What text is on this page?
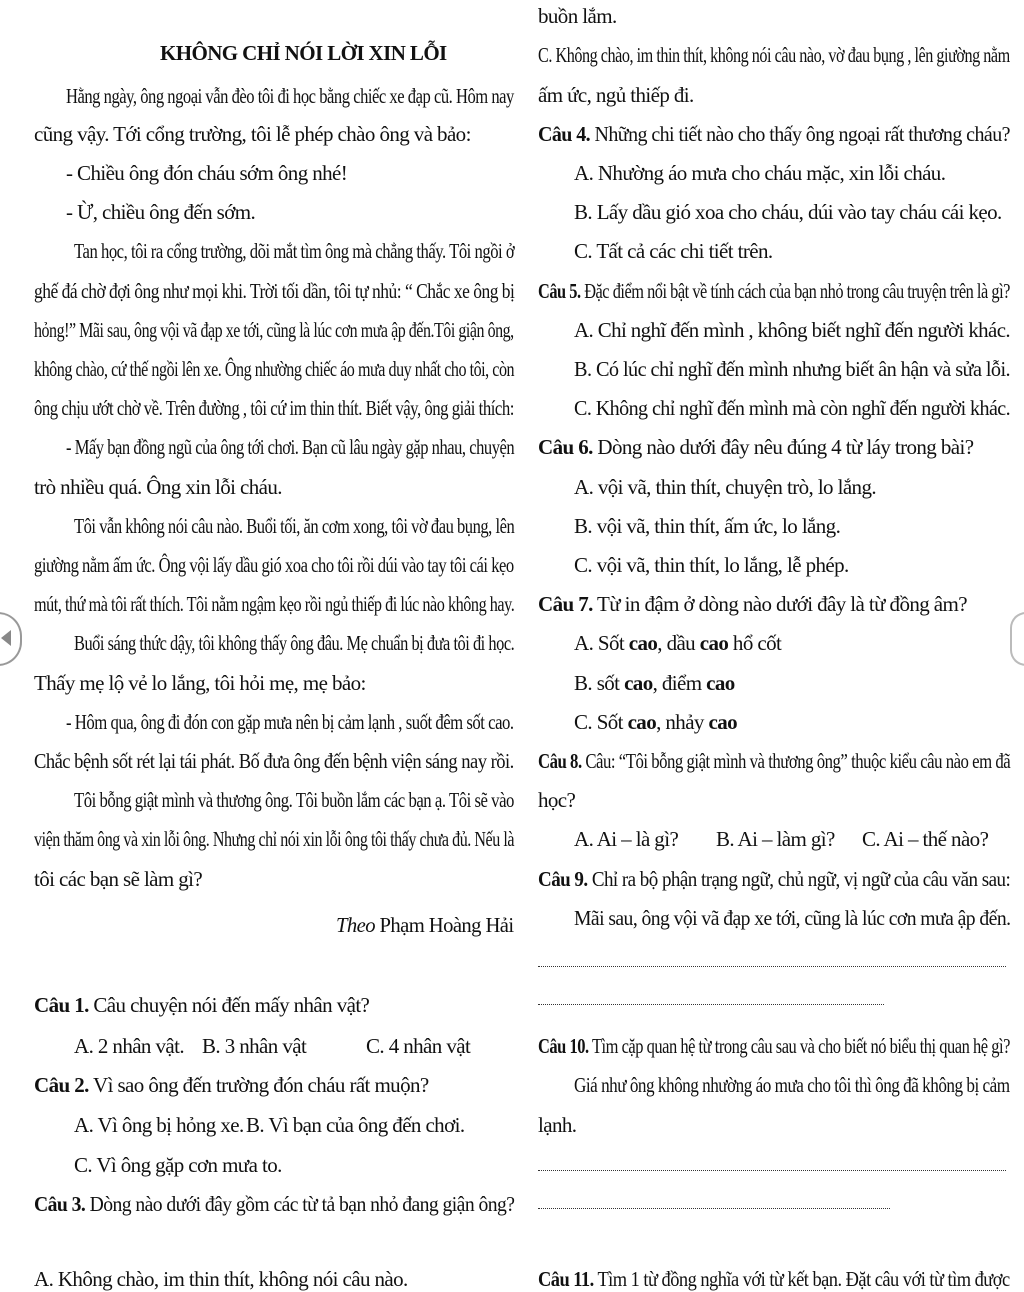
KHÔNG CHỈ NÓI LỜI XIN LỖI
Hằng ngày, ông ngoại vẫn đèo tôi đi học bằng chiếc xe đạp cũ. Hôm nay
cũng vậy. Tới cổng trường, tôi lễ phép chào ông và bảo:
- Chiều ông đón cháu sớm ông nhé!
- Ừ, chiều ông đến sớm.
Tan học, tôi ra cổng trường, dõi mắt tìm ông mà chẳng thấy. Tôi ngồi ở
ghế đá chờ đợi ông như mọi khi. Trời tối dần, tôi tự nhủ: “ Chắc xe ông bị
hỏng!” Mãi sau, ông vội vã đạp xe tới, cũng là lúc cơn mưa ập đến.Tôi giận ông,
không chào, cứ thế ngồi lên xe. Ông nhường chiếc áo mưa duy nhất cho tôi, còn
ông chịu ướt chờ về. Trên đường , tôi cứ im thin thít. Biết vậy, ông giải thích:
- Mấy bạn đồng ngũ của ông tới chơi. Bạn cũ lâu ngày gặp nhau, chuyện
trò nhiều quá. Ông xin lỗi cháu.
Tôi vẫn không nói câu nào. Buổi tối, ăn cơm xong, tôi vờ đau bụng, lên
giường nằm ấm ức. Ông vội lấy dầu gió xoa cho tôi rồi dúi vào tay tôi cái kẹo
mút, thứ mà tôi rất thích. Tôi nằm ngậm kẹo rồi ngủ thiếp đi lúc nào không hay.
Buổi sáng thức dậy, tôi không thấy ông đâu. Mẹ chuẩn bị đưa tôi đi học.
Thấy mẹ lộ vẻ lo lắng, tôi hỏi mẹ, mẹ bảo:
- Hôm qua, ông đi đón con gặp mưa nên bị cảm lạnh , suốt đêm sốt cao.
Chắc bệnh sốt rét lại tái phát. Bố đưa ông đến bệnh viện sáng nay rồi.
Tôi bỗng giật mình và thương ông. Tôi buồn lắm các bạn ạ. Tôi sẽ vào
viện thăm ông và xin lỗi ông. Nhưng chỉ nói xin lỗi ông tôi thấy chưa đủ. Nếu là
tôi các bạn sẽ làm gì?
Theo Phạm Hoàng Hải
Câu 1. Câu chuyện nói đến mấy nhân vật?
A. 2 nhân vật. B. 3 nhân vật	C. 4 nhân vật
Câu 2. Vì sao ông đến trường đón cháu rất muộn?
A. Vì ông bị hỏng xe. B. Vì bạn của ông đến chơi.
C. Vì ông gặp cơn mưa to.
Câu 3. Dòng nào dưới đây gồm các từ tả bạn nhỏ đang giận ông?
A. Không chào, im thin thít, không nói câu nào.
buồn lắm.
C. Không chào, im thin thít, không nói câu nào, vờ đau bụng , lên giường nằm
ấm ức, ngủ thiếp đi.
Câu 4. Những chi tiết nào cho thấy ông ngoại rất thương cháu?
A. Nhường áo mưa cho cháu mặc, xin lỗi cháu.
B. Lấy dầu gió xoa cho cháu, dúi vào tay cháu cái kẹo.
C. Tất cả các chi tiết trên.
Câu 5. Đặc điểm nổi bật về tính cách của bạn nhỏ trong câu truyện trên là gì?
A. Chỉ nghĩ đến mình , không biết nghĩ đến người khác.
B. Có lúc chỉ nghĩ đến mình nhưng biết ân hận và sửa lỗi.
C. Không chỉ nghĩ đến mình mà còn nghĩ đến người khác.
Câu 6. Dòng nào dưới đây nêu đúng 4 từ láy trong bài?
A. vội vã, thin thít, chuyện trò, lo lắng.
B. vội vã, thin thít, ấm ức, lo lắng.
C. vội vã, thin thít, lo lắng, lễ phép.
Câu 7. Từ in đậm ở dòng nào dưới đây là từ đồng âm?
A. Sốt cao, dầu cao hổ cốt
B. sốt cao, điểm cao
C. Sốt cao, nhảy cao
Câu 8. Câu: “Tôi bỗng giật mình và thương ông” thuộc kiểu câu nào em đã
học?
A. Ai – là gì? B. Ai – làm gì? C. Ai – thế nào?
Câu 9. Chỉ ra bộ phận trạng ngữ, chủ ngữ, vị ngữ của câu văn sau:
Mãi sau, ông vội vã đạp xe tới, cũng là lúc cơn mưa ập đến.
Câu 10. Tìm cặp quan hệ từ trong câu sau và cho biết nó biểu thị quan hệ gì?
Giá như ông không nhường áo mưa cho tôi thì ông đã không bị cảm
lạnh.
Câu 11. Tìm 1 từ đồng nghĩa với từ kết bạn. Đặt câu với từ tìm được
